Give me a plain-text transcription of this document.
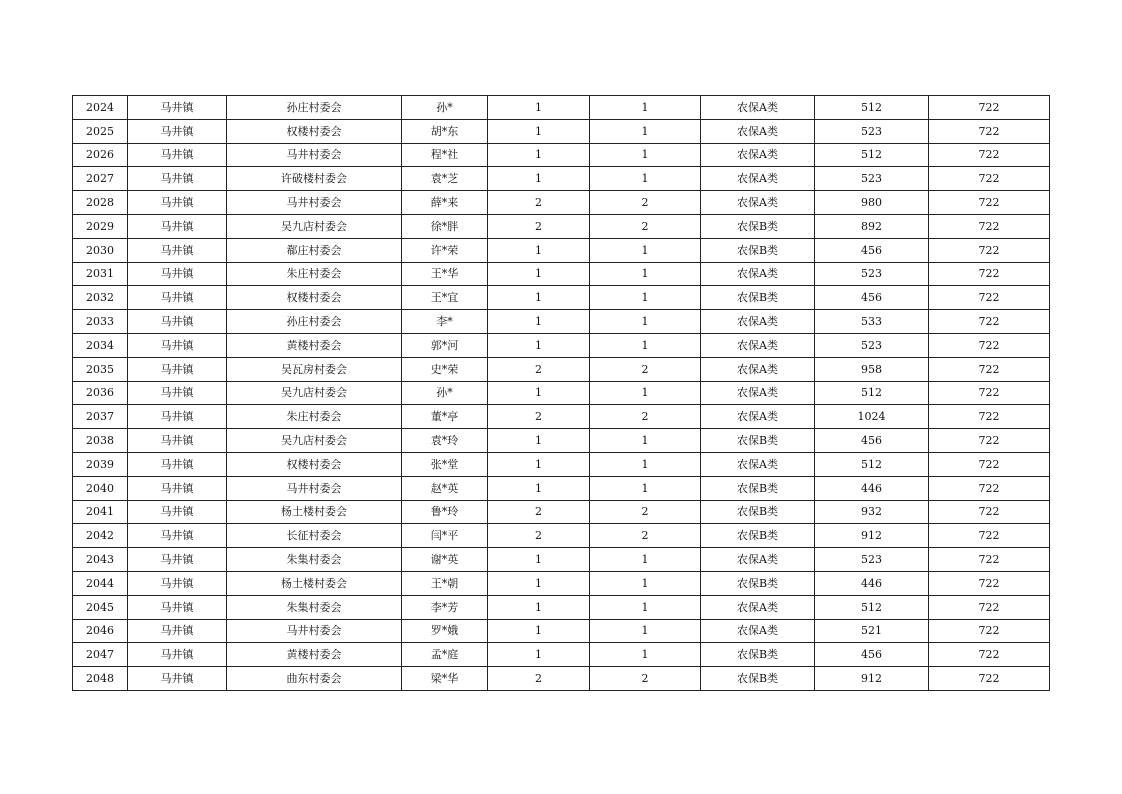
2024	马井镇	孙庄村委会	孙*	1	1	农保A类	512	722
2025	马井镇	权楼村委会	胡*东	1	1	农保A类	523	722
2026	马井镇	马井村委会	程*社	1	1	农保A类	512	722
2027	马井镇	许破楼村委会	袁*芝	1	1	农保A类	523	722
2028	马井镇	马井村委会	薛*来	2	2	农保A类	980	722
2029	马井镇	吴九店村委会	徐*胖	2	2	农保B类	892	722
2030	马井镇	郗庄村委会	许*荣	1	1	农保B类	456	722
2031	马井镇	朱庄村委会	王*华	1	1	农保A类	523	722
2032	马井镇	权楼村委会	王*宜	1	1	农保B类	456	722
2033	马井镇	孙庄村委会	李*	1	1	农保A类	533	722
2034	马井镇	黄楼村委会	郭*河	1	1	农保A类	523	722
2035	马井镇	吴瓦房村委会	史*荣	2	2	农保A类	958	722
2036	马井镇	吴九店村委会	孙*	1	1	农保A类	512	722
2037	马井镇	朱庄村委会	董*亭	2	2	农保A类	1024	722
2038	马井镇	吴九店村委会	袁*玲	1	1	农保B类	456	722
2039	马井镇	权楼村委会	张*堂	1	1	农保A类	512	722
2040	马井镇	马井村委会	赵*英	1	1	农保B类	446	722
2041	马井镇	杨土楼村委会	鲁*玲	2	2	农保B类	932	722
2042	马井镇	长征村委会	闫*平	2	2	农保B类	912	722
2043	马井镇	朱集村委会	谢*英	1	1	农保A类	523	722
2044	马井镇	杨土楼村委会	王*朝	1	1	农保B类	446	722
2045	马井镇	朱集村委会	李*芳	1	1	农保A类	512	722
2046	马井镇	马井村委会	罗*娥	1	1	农保A类	521	722
2047	马井镇	黄楼村委会	孟*庭	1	1	农保B类	456	722
2048	马井镇	曲东村委会	梁*华	2	2	农保B类	912	722
